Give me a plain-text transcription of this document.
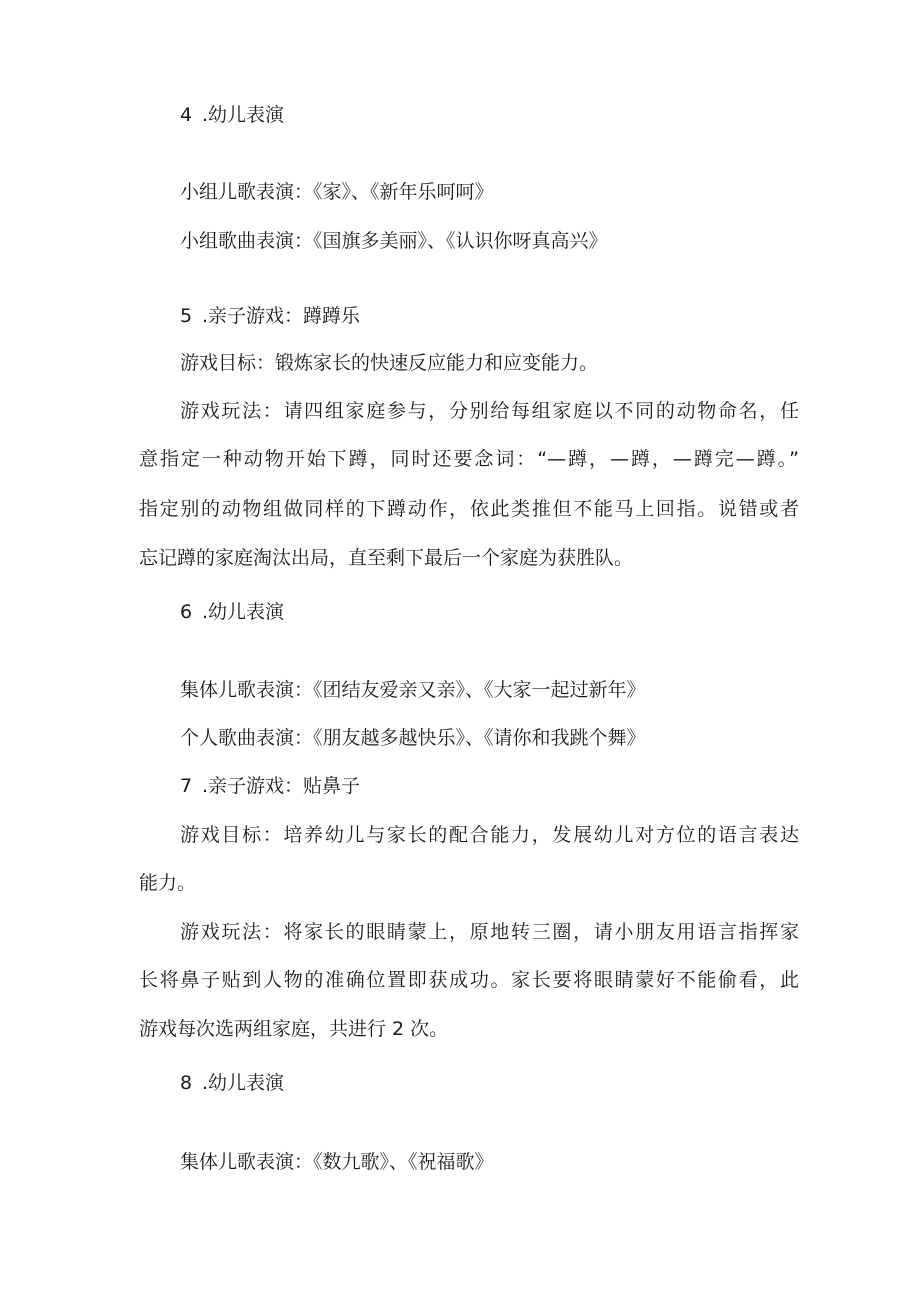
4 .幼儿表演

小组儿歌表演：《家》、《新年乐呵呵》

小组歌曲表演：《国旗多美丽》、《认识你呀真高兴》

5 .亲子游戏：蹲蹲乐

游戏目标：锻炼家长的快速反应能力和应变能力。

游戏玩法：请四组家庭参与，分别给每组家庭以不同的动物命名，任

意指定一种动物开始下蹲，同时还要念词：“—蹲，—蹲，—蹲完—蹲。”

指定别的动物组做同样的下蹲动作，依此类推但不能马上回指。说错或者

忘记蹲的家庭淘汰出局，直至剩下最后一个家庭为获胜队。

6 .幼儿表演

集体儿歌表演：《团结友爱亲又亲》、《大家一起过新年》

个人歌曲表演：《朋友越多越快乐》、《请你和我跳个舞》

7 .亲子游戏：贴鼻子

游戏目标：培养幼儿与家长的配合能力，发展幼儿对方位的语言表达

能力。

游戏玩法：将家长的眼睛蒙上，原地转三圈，请小朋友用语言指挥家

长将鼻子贴到人物的准确位置即获成功。家长要将眼睛蒙好不能偷看，此

游戏每次选两组家庭，共进行 2 次。

8 .幼儿表演

集体儿歌表演：《数九歌》、《祝福歌》
